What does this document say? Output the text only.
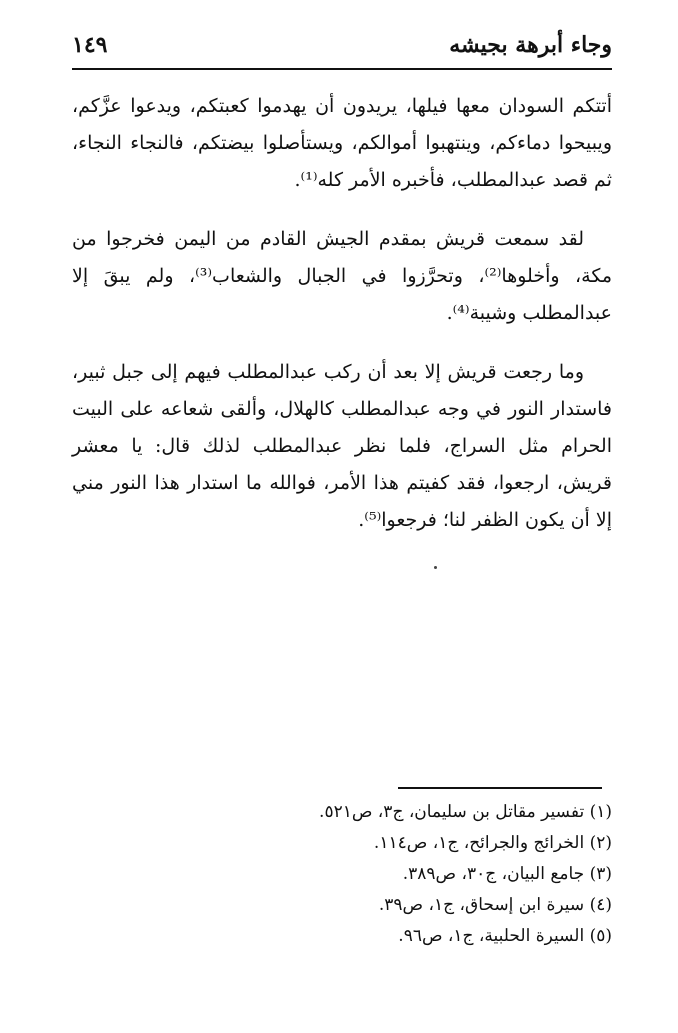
وجاء أبرهة بجيشه
١٤٩

أتتكم السودان معها فيلها، يريدون أن يهدموا كعبتكم، ويدعوا عزَّكم، ويبيحوا دماءكم، وينتهبوا أموالكم، ويستأصلوا بيضتكم، فالنجاء النجاء، ثم قصد عبدالمطلب، فأخبره الأمر كله⁽¹⁾.

لقد سمعت قريش بمقدم الجيش القادم من اليمن فخرجوا من مكة، وأخلوها⁽²⁾، وتحرَّزوا في الجبال والشعاب⁽³⁾، ولم يبقَ إلا عبدالمطلب وشيبة⁽⁴⁾.

وما رجعت قريش إلا بعد أن ركب عبدالمطلب فيهم إلى جبل ثبير، فاستدار النور في وجه عبدالمطلب كالهلال، وألقى شعاعه على البيت الحرام مثل السراج، فلما نظر عبدالمطلب لذلك قال: يا معشر قريش، ارجعوا، فقد كفيتم هذا الأمر، فوالله ما استدار هذا النور مني إلا أن يكون الظفر لنا؛ فرجعوا⁽⁵⁾.

(١) تفسير مقاتل بن سليمان، ج٣، ص٥٢١.
(٢) الخرائج والجرائح، ج١، ص١١٤.
(٣) جامع البيان، ج٣٠، ص٣٨٩.
(٤) سيرة ابن إسحاق، ج١، ص٣٩.
(٥) السيرة الحلبية، ج١، ص٩٦.
